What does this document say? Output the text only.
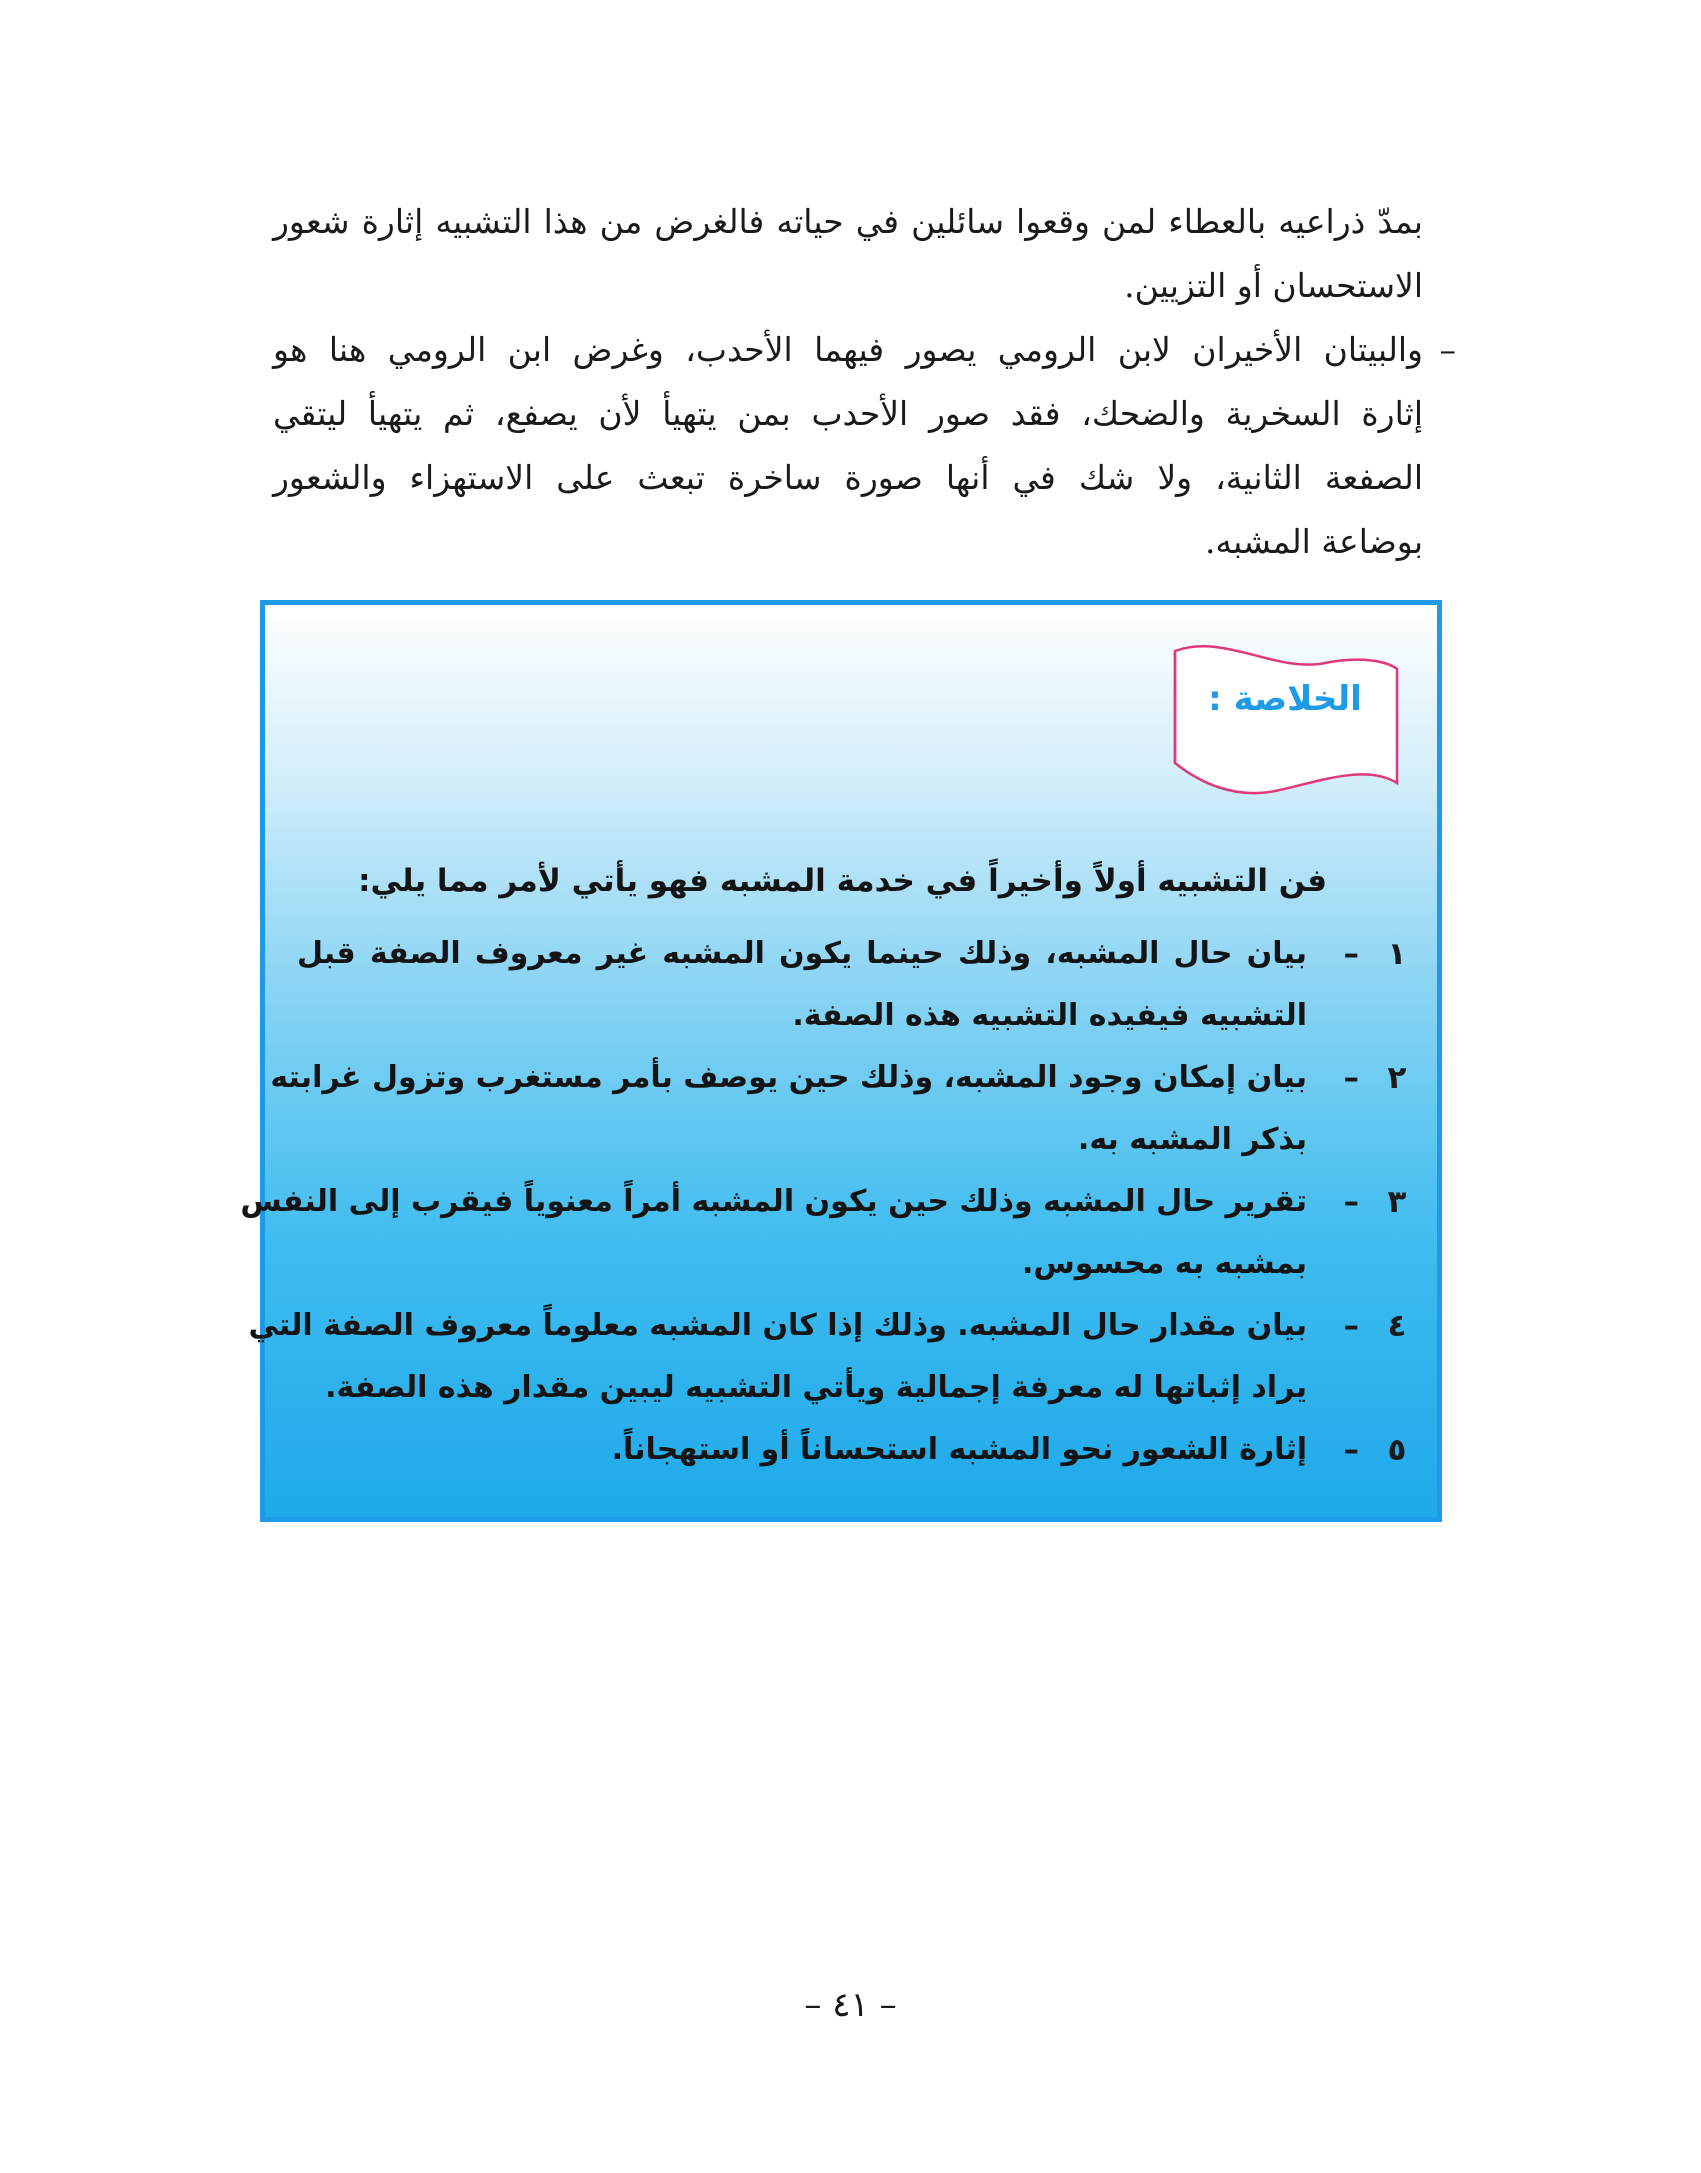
بمدّ ذراعيه بالعطاء لمن وقعوا سائلين في حياته فالغرض من هذا التشبيه إثارة شعور
الاستحسان أو التزيين.
–
والبيتان الأخيران لابن الرومي يصور فيهما الأحدب، وغرض ابن الرومي هنا هو
إثارة السخرية والضحك، فقد صور الأحدب بمن يتهيأ لأن يصفع، ثم يتهيأ ليتقي
الصفعة الثانية، ولا شك في أنها صورة ساخرة تبعث على الاستهزاء والشعور
بوضاعة المشبه.
الخلاصة :
فن التشبيه أولاً وأخيراً في خدمة المشبه فهو يأتي لأمر مما يلي:
١
–
بيان حال المشبه، وذلك حينما يكون المشبه غير معروف الصفة قبل
التشبيه فيفيده التشبيه هذه الصفة.
٢
–
بيان إمكان وجود المشبه، وذلك حين يوصف بأمر مستغرب وتزول غرابته
بذكر المشبه به.
٣
–
تقرير حال المشبه وذلك حين يكون المشبه أمراً معنوياً فيقرب إلى النفس
بمشبه به محسوس.
٤
–
بيان مقدار حال المشبه. وذلك إذا كان المشبه معلوماً معروف الصفة التي
يراد إثباتها له معرفة إجمالية ويأتي التشبيه ليبين مقدار هذه الصفة.
٥
–
إثارة الشعور نحو المشبه استحساناً أو استهجاناً.
– ٤١ –
